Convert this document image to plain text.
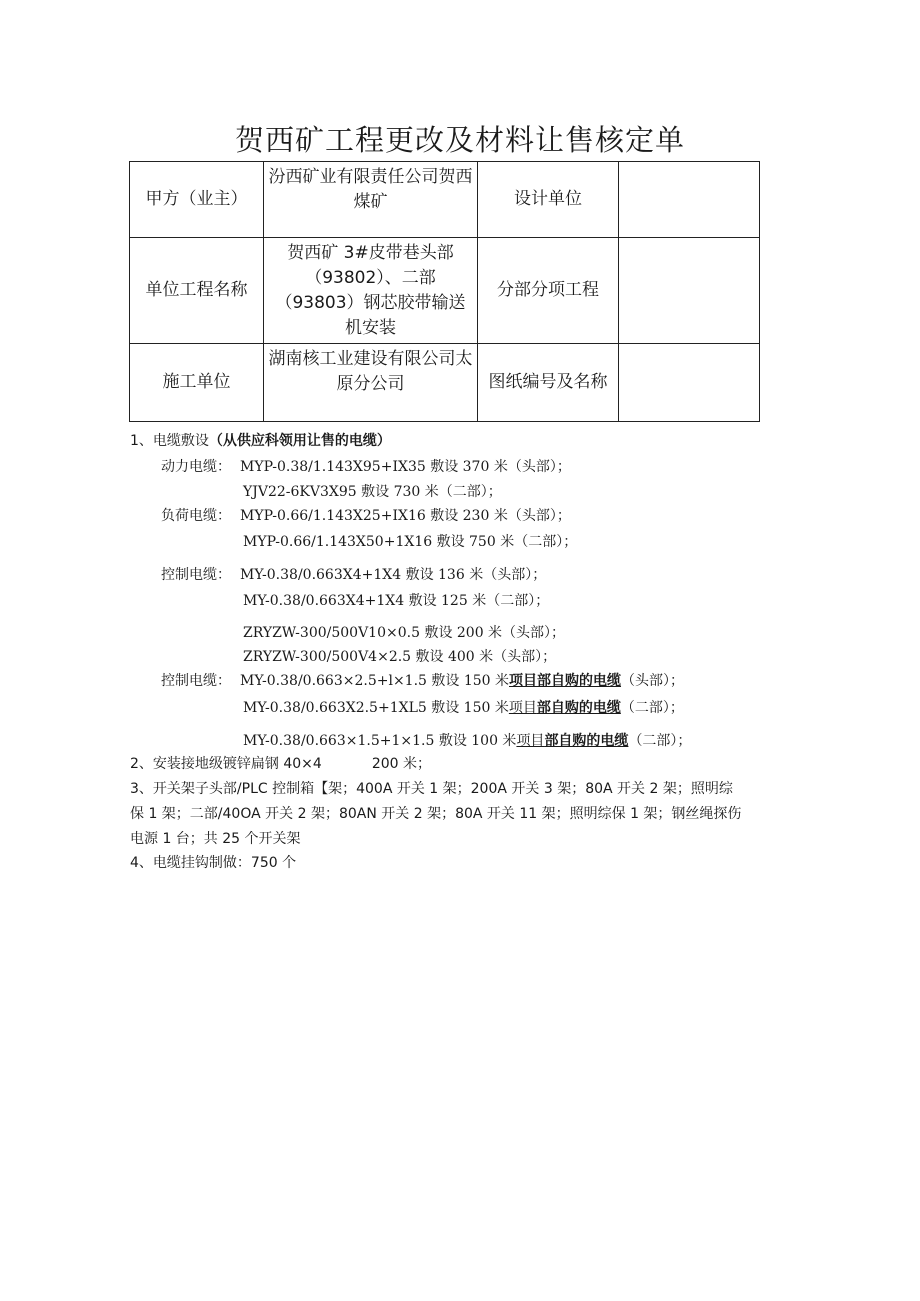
贺西矿工程更改及材料让售核定单
甲方（业主）	汾西矿业有限责任公司贺西煤矿	设计单位	
单位工程名称	贺西矿 3#皮带巷头部（93802）、二部（93803）钢芯胶带输送机安装	分部分项工程	
施工单位	湖南核工业建设有限公司太原分公司	图纸编号及名称	
1、电缆敷设（从供应科领用让售的电缆）
动力电缆： MYP-0.38/1.143X95+IX35 敷设 370 米（头部）；
YJV22-6KV3X95 敷设 730 米（二部）；
负荷电缆： MYP-0.66/1.143X25+IX16 敷设 230 米（头部）；
MYP-0.66/1.143X50+1X16 敷设 750 米（二部）；
控制电缆： MY-0.38/0.663X4+1X4 敷设 136 米（头部）；
MY-0.38/0.663X4+1X4 敷设 125 米（二部）；
ZRYZW-300/500V10×0.5 敷设 200 米（头部）；
ZRYZW-300/500V4×2.5 敷设 400 米（头部）；
控制电缆： MY-0.38/0.663×2.5+l×1.5 敷设 150 米项目部自购的电缆（头部）；
MY-0.38/0.663X2.5+1XL5 敷设 150 米项目部自购的电缆（二部）；
MY-0.38/0.663×1.5+1×1.5 敷设 100 米项目部自购的电缆（二部）；
2、安装接地级镀锌扁钢 40×4	200 米；
3、开关架子头部/PLC 控制箱【架；400A 开关 1 架；200A 开关 3 架；80A 开关 2 架；照明综
保 1 架；二部/40OA 开关 2 架；80AN 开关 2 架；80A 开关 11 架；照明综保 1 架；钢丝绳探伤
电源 1 台；共 25 个开关架
4、电缆挂钩制做：750 个
